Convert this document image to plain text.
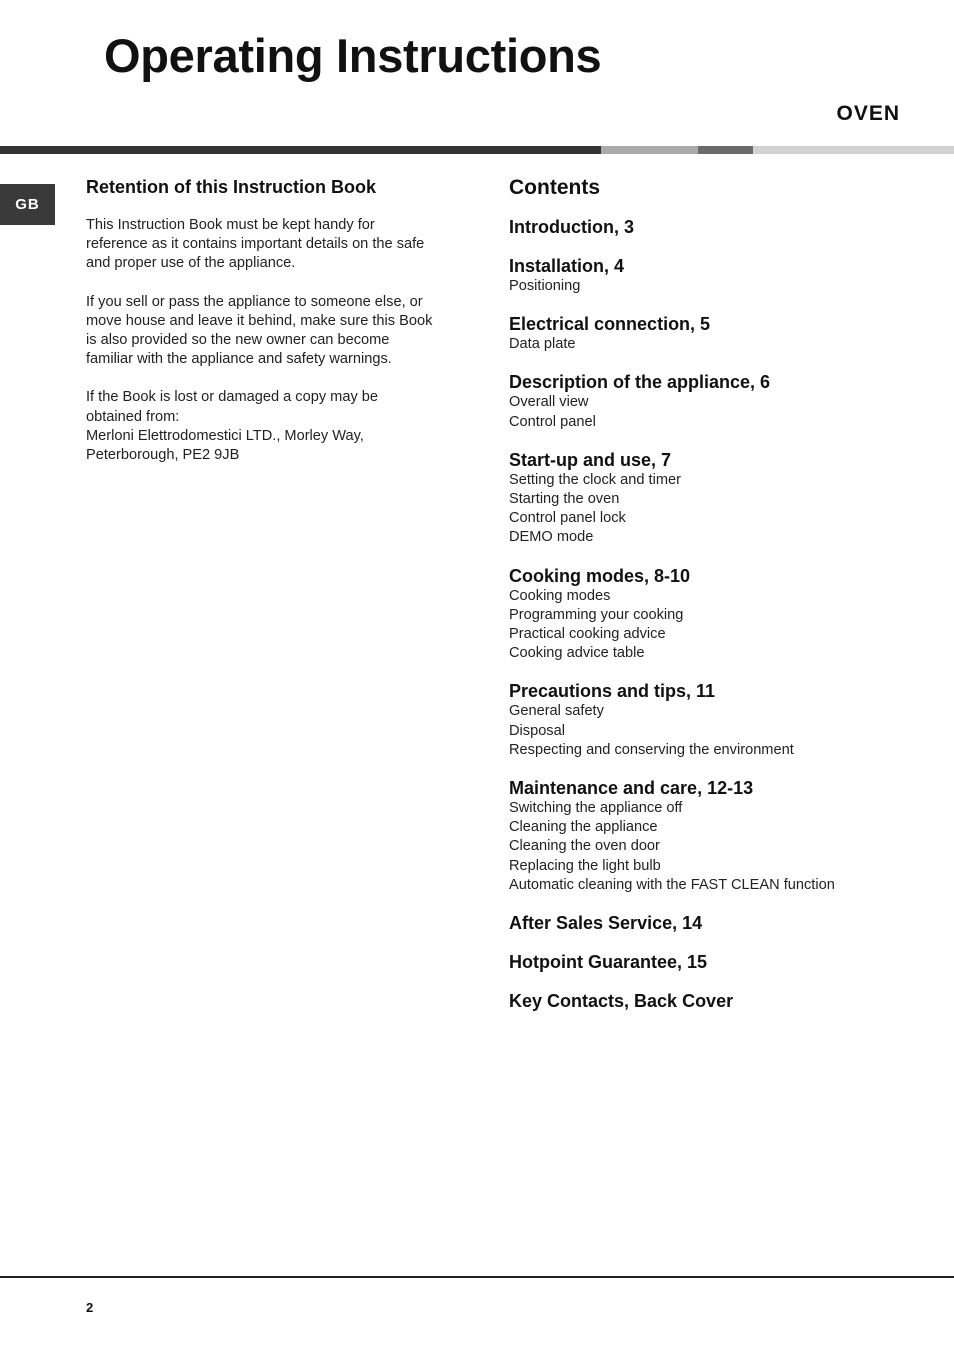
Operating Instructions
OVEN
GB
Retention of this Instruction Book

This Instruction Book must be kept handy for
reference as it contains important details on the safe
and proper use of the appliance.

If you sell or pass the appliance to someone else, or
move house and leave it behind, make sure this Book
is also provided so the new owner can become
familiar with the appliance and safety warnings.

If the Book is lost or damaged a copy may be
obtained from:
Merloni Elettrodomestici LTD., Morley Way,
Peterborough, PE2 9JB

Contents
Introduction, 3
Installation, 4
Positioning
Electrical connection, 5
Data plate
Description of the appliance, 6
Overall view
Control panel
Start-up and use, 7
Setting the clock and timer
Starting the oven
Control panel lock
DEMO mode
Cooking modes, 8-10
Cooking modes
Programming your cooking
Practical cooking advice
Cooking advice table
Precautions and tips, 11
General safety
Disposal
Respecting and conserving the environment
Maintenance and care, 12-13
Switching the appliance off
Cleaning the appliance
Cleaning the oven door
Replacing the light bulb
Automatic cleaning with the FAST CLEAN function
After Sales Service, 14
Hotpoint Guarantee, 15
Key Contacts, Back Cover
2
